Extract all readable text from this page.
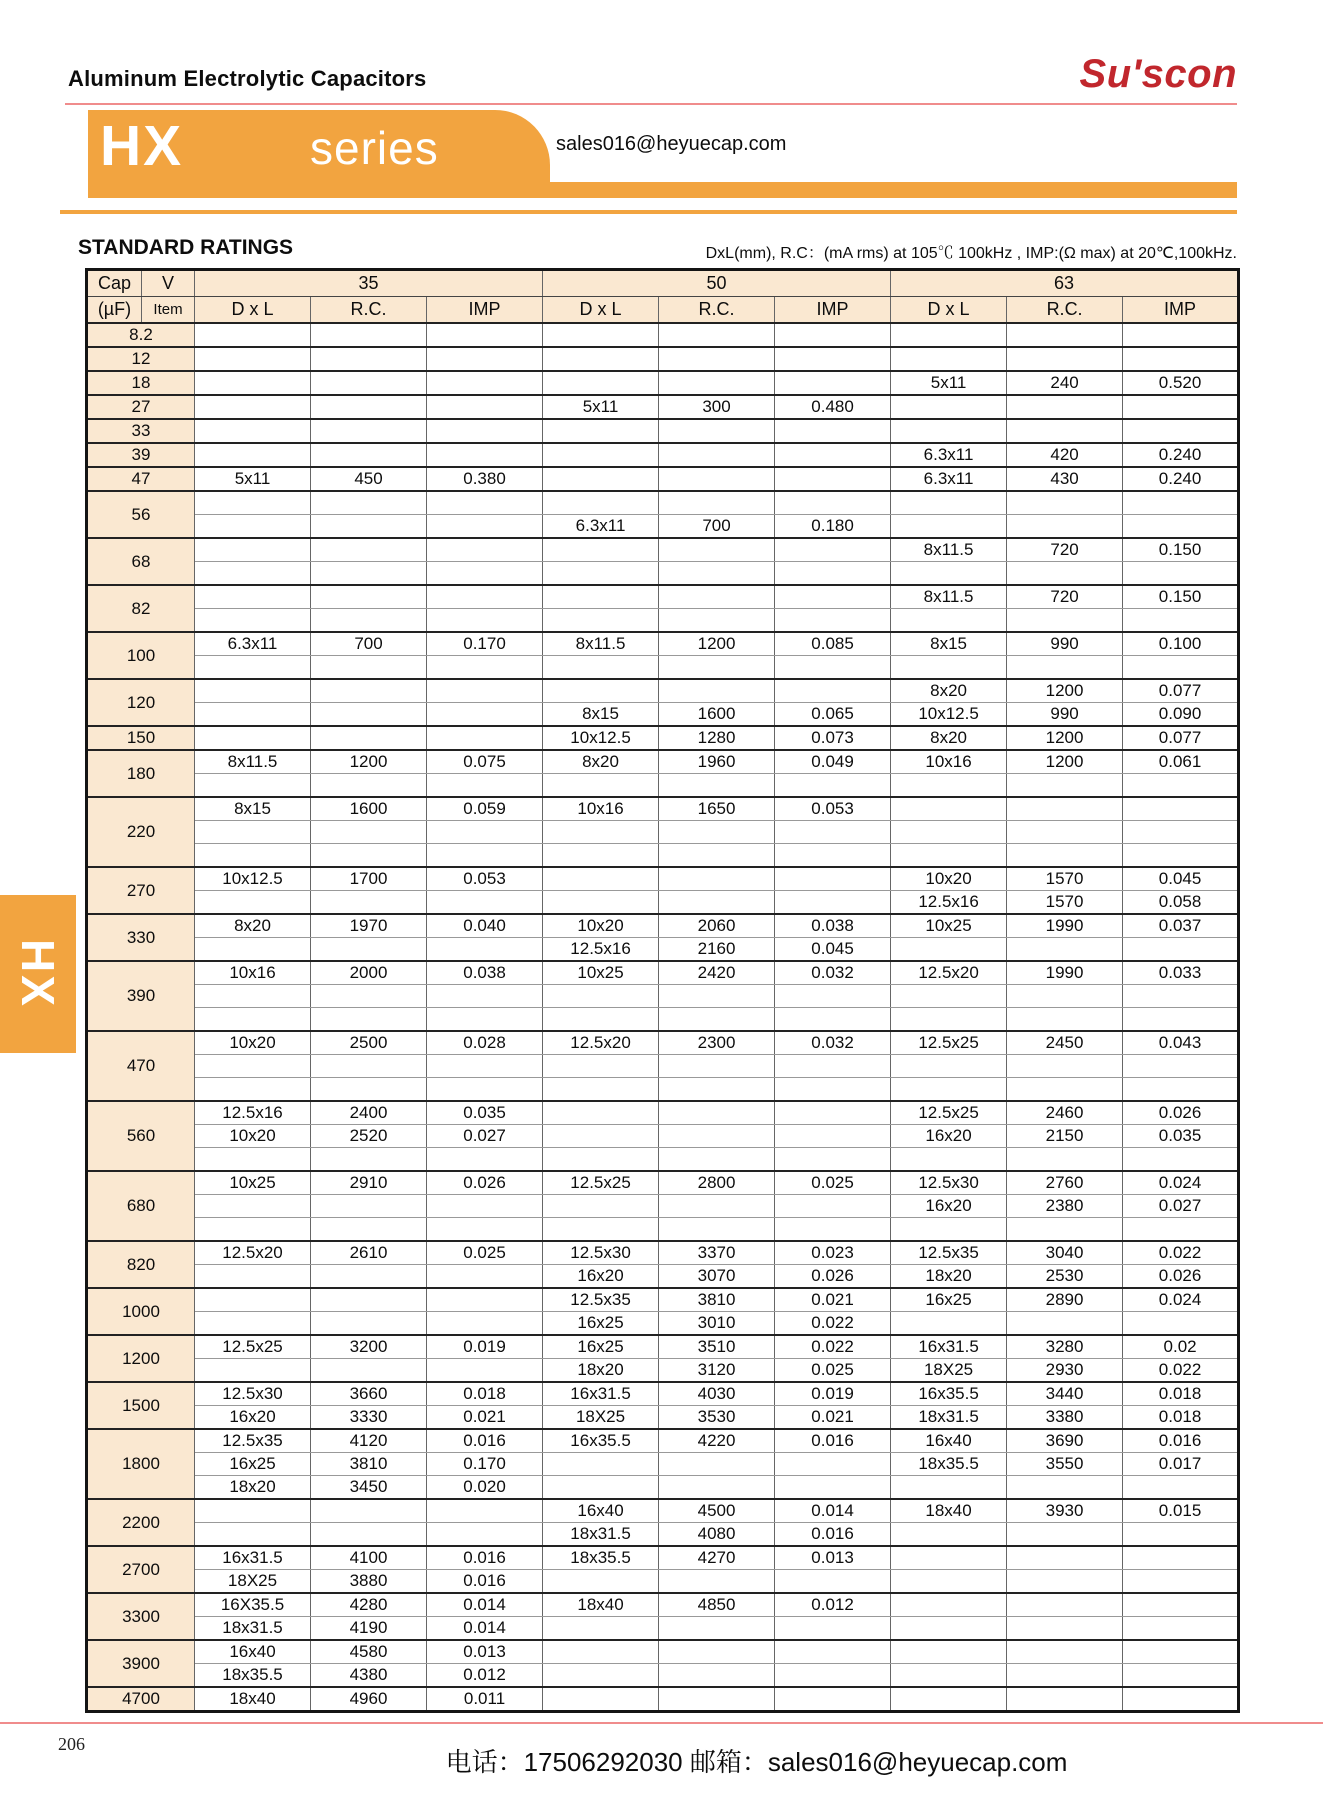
Aluminum Electrolytic Capacitors	Su'scon
HX	series	sales016@heyuecap.com
STANDARD RATINGS	DxL(mm), R.C：(mA rms) at 105℃ 100kHz , IMP:(Ω max) at 20℃,100kHz.
Cap	V	35			50			63		
(µF)	Item	D x L	R.C.	IMP	D x L	R.C.	IMP	D x L	R.C.	IMP
8.2										
12										
18								5x11	240	0.520
27					5x11	300	0.480			
33										
39								6.3x11	420	0.240
47		5x11	450	0.380				6.3x11	430	0.240
56										
					6.3x11	700	0.180			
68								8x11.5	720	0.150

82								8x11.5	720	0.150

100		6.3x11	700	0.170	8x11.5	1200	0.085	8x15	990	0.100

120								8x20	1200	0.077
					8x15	1600	0.065	10x12.5	990	0.090
150					10x12.5	1280	0.073	8x20	1200	0.077
180		8x11.5	1200	0.075	8x20	1960	0.049	10x16	1200	0.061

220		8x15	1600	0.059	10x16	1650	0.053			

270		10x12.5	1700	0.053				10x20	1570	0.045
								12.5x16	1570	0.058
330		8x20	1970	0.040	10x20	2060	0.038	10x25	1990	0.037
					12.5x16	2160	0.045			
390		10x16	2000	0.038	10x25	2420	0.032	12.5x20	1990	0.033

470		10x20	2500	0.028	12.5x20	2300	0.032	12.5x25	2450	0.043

560		12.5x16	2400	0.035				12.5x25	2460	0.026
		10x20	2520	0.027				16x20	2150	0.035

680		10x25	2910	0.026	12.5x25	2800	0.025	12.5x30	2760	0.024
								16x20	2380	0.027

820		12.5x20	2610	0.025	12.5x30	3370	0.023	12.5x35	3040	0.022
					16x20	3070	0.026	18x20	2530	0.026
1000					12.5x35	3810	0.021	16x25	2890	0.024
					16x25	3010	0.022			
1200		12.5x25	3200	0.019	16x25	3510	0.022	16x31.5	3280	0.02
					18x20	3120	0.025	18X25	2930	0.022
1500		12.5x30	3660	0.018	16x31.5	4030	0.019	16x35.5	3440	0.018
		16x20	3330	0.021	18X25	3530	0.021	18x31.5	3380	0.018
1800		12.5x35	4120	0.016	16x35.5	4220	0.016	16x40	3690	0.016
		16x25	3810	0.170				18x35.5	3550	0.017
		18x20	3450	0.020						
2200					16x40	4500	0.014	18x40	3930	0.015
					18x31.5	4080	0.016			
2700		16x31.5	4100	0.016	18x35.5	4270	0.013			
		18X25	3880	0.016						
3300		16X35.5	4280	0.014	18x40	4850	0.012			
		18x31.5	4190	0.014						
3900		16x40	4580	0.013						
		18x35.5	4380	0.012						
4700		18x40	4960	0.011						
HX
206
电话：17506292030 邮箱：sales016@heyuecap.com
